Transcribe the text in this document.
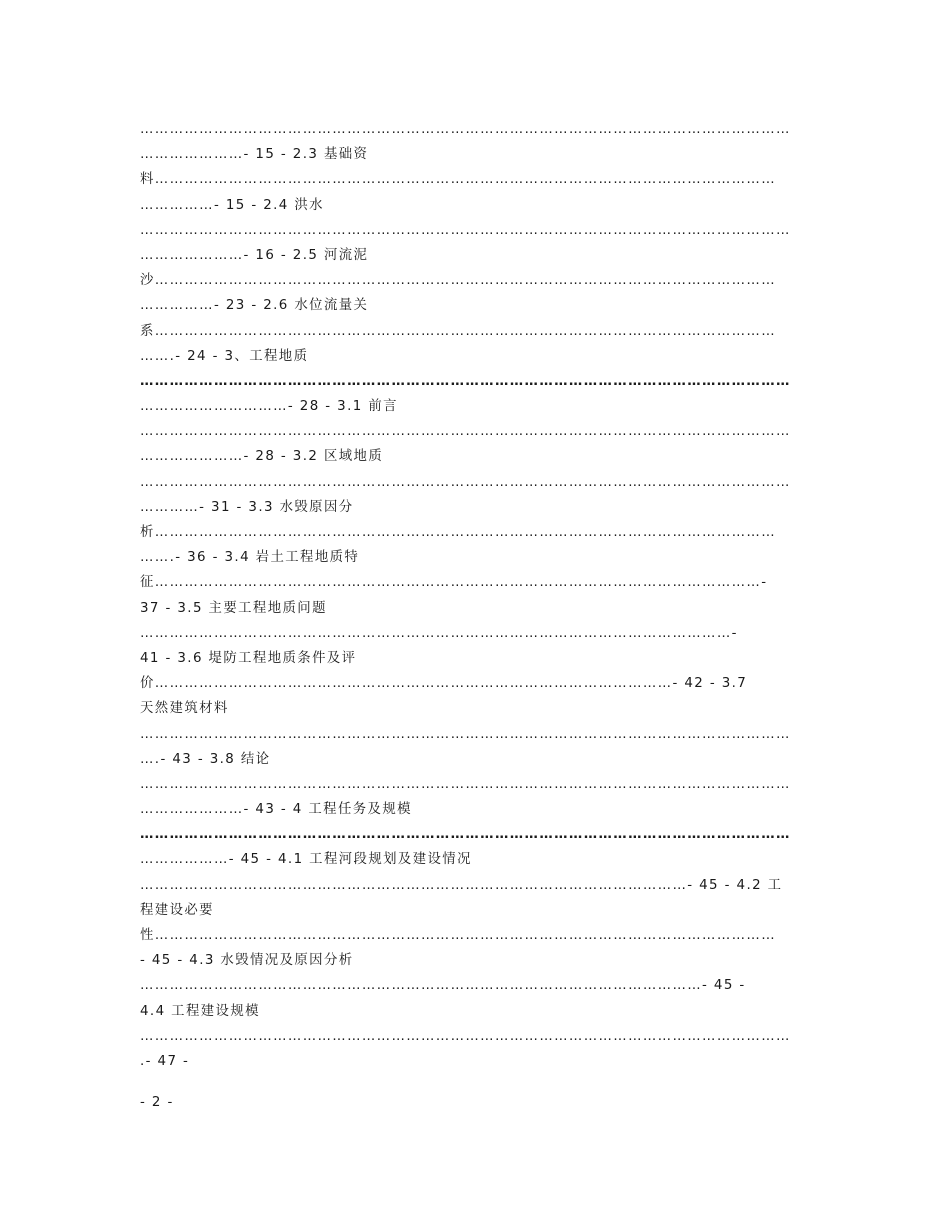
……………………………………………………………………………………………………………………
…………………- 15 - 2.3 基础资
料………………………………………………………………………………………………………………
……………- 15 - 2.4 洪水
……………………………………………………………………………………………………………………
…………………- 16 - 2.5 河流泥
沙………………………………………………………………………………………………………………
……………- 23 - 2.6 水位流量关
系………………………………………………………………………………………………………………
…….- 24 - 3、工程地质
……………………………………………………………………………………………………………………
…………………………- 28 - 3.1 前言
……………………………………………………………………………………………………………………
…………………- 28 - 3.2 区域地质
……………………………………………………………………………………………………………………
…………- 31 - 3.3 水毁原因分
析………………………………………………………………………………………………………………
…….- 36 - 3.4 岩土工程地质特
征……………………………………………………………………………………………………………-
37 - 3.5 主要工程地质问题
…………………………………………………………………………………………………………-
41 - 3.6 堤防工程地质条件及评
价……………………………………………………………………………………………- 42 - 3.7
天然建筑材料
……………………………………………………………………………………………………………………
….- 43 - 3.8 结论
……………………………………………………………………………………………………………………
…………………- 43 - 4 工程任务及规模
……………………………………………………………………………………………………………………
………………- 45 - 4.1 工程河段规划及建设情况
…………………………………………………………………………………………………- 45 - 4.2 工
程建设必要
性………………………………………………………………………………………………………………
- 45 - 4.3 水毁情况及原因分析
……………………………………………………………………………………………………- 45 -
4.4 工程建设规模
……………………………………………………………………………………………………………………
.- 47 -
- 2 -
